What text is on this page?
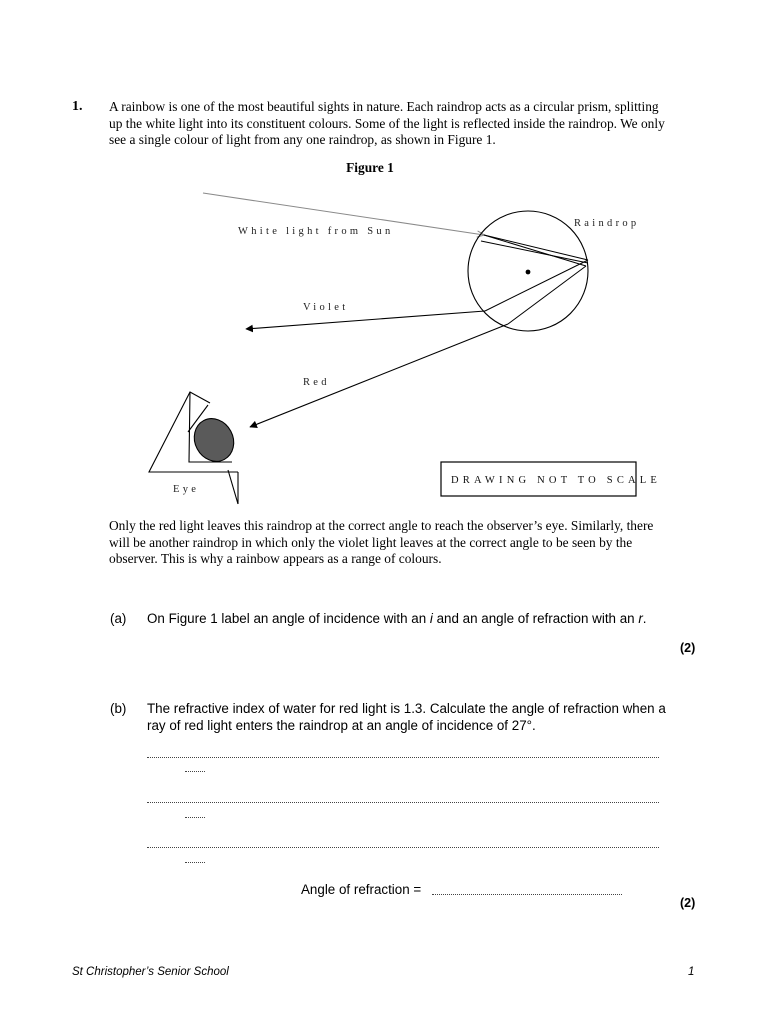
1. A rainbow is one of the most beautiful sights in nature. Each raindrop acts as a circular prism, splitting up the white light into its constituent colours. Some of the light is reflected inside the raindrop. We only see a single colour of light from any one raindrop, as shown in Figure 1.
Figure 1
White light from Sun
Raindrop
Violet
Red
Eye
DRAWING NOT TO SCALE
Only the red light leaves this raindrop at the correct angle to reach the observer’s eye. Similarly, there will be another raindrop in which only the violet light leaves at the correct angle to be seen by the observer. This is why a rainbow appears as a range of colours.
(a) On Figure 1 label an angle of incidence with an i and an angle of refraction with an r.
(2)
(b) The refractive index of water for red light is 1.3. Calculate the angle of refraction when a ray of red light enters the raindrop at an angle of incidence of 27°.
Angle of refraction =
(2)
St Christopher’s Senior School	1
